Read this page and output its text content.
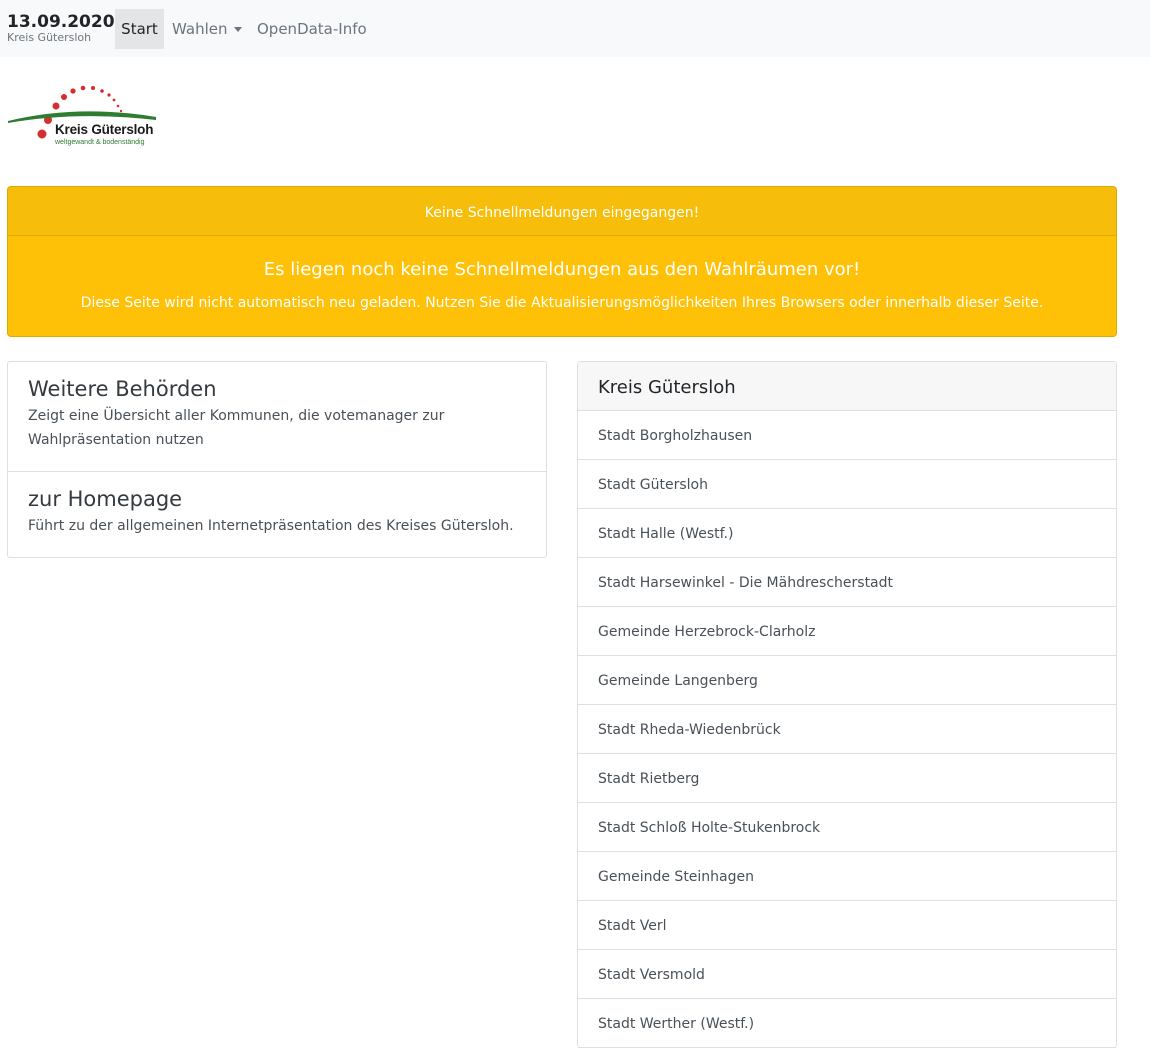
13.09.2020
Kreis Gütersloh	Start Wahlen	OpenData-Info
Kreis Gütersloh
weltgewandt & bodenständig
Keine Schnellmeldungen eingegangen!
Es liegen noch keine Schnellmeldungen aus den Wahlräumen vor!
Diese Seite wird nicht automatisch neu geladen. Nutzen Sie die Aktualisierungsmöglichkeiten Ihres Browsers oder innerhalb dieser Seite.
Weitere Behörden
Zeigt eine Übersicht aller Kommunen, die votemanager zur Wahlpräsentation nutzen
zur Homepage
Führt zu der allgemeinen Internetpräsentation des Kreises Gütersloh.
Kreis Gütersloh
Stadt Borgholzhausen
Stadt Gütersloh
Stadt Halle (Westf.)
Stadt Harsewinkel - Die Mähdrescherstadt
Gemeinde Herzebrock-Clarholz
Gemeinde Langenberg
Stadt Rheda-Wiedenbrück
Stadt Rietberg
Stadt Schloß Holte-Stukenbrock
Gemeinde Steinhagen
Stadt Verl
Stadt Versmold
Stadt Werther (Westf.)
